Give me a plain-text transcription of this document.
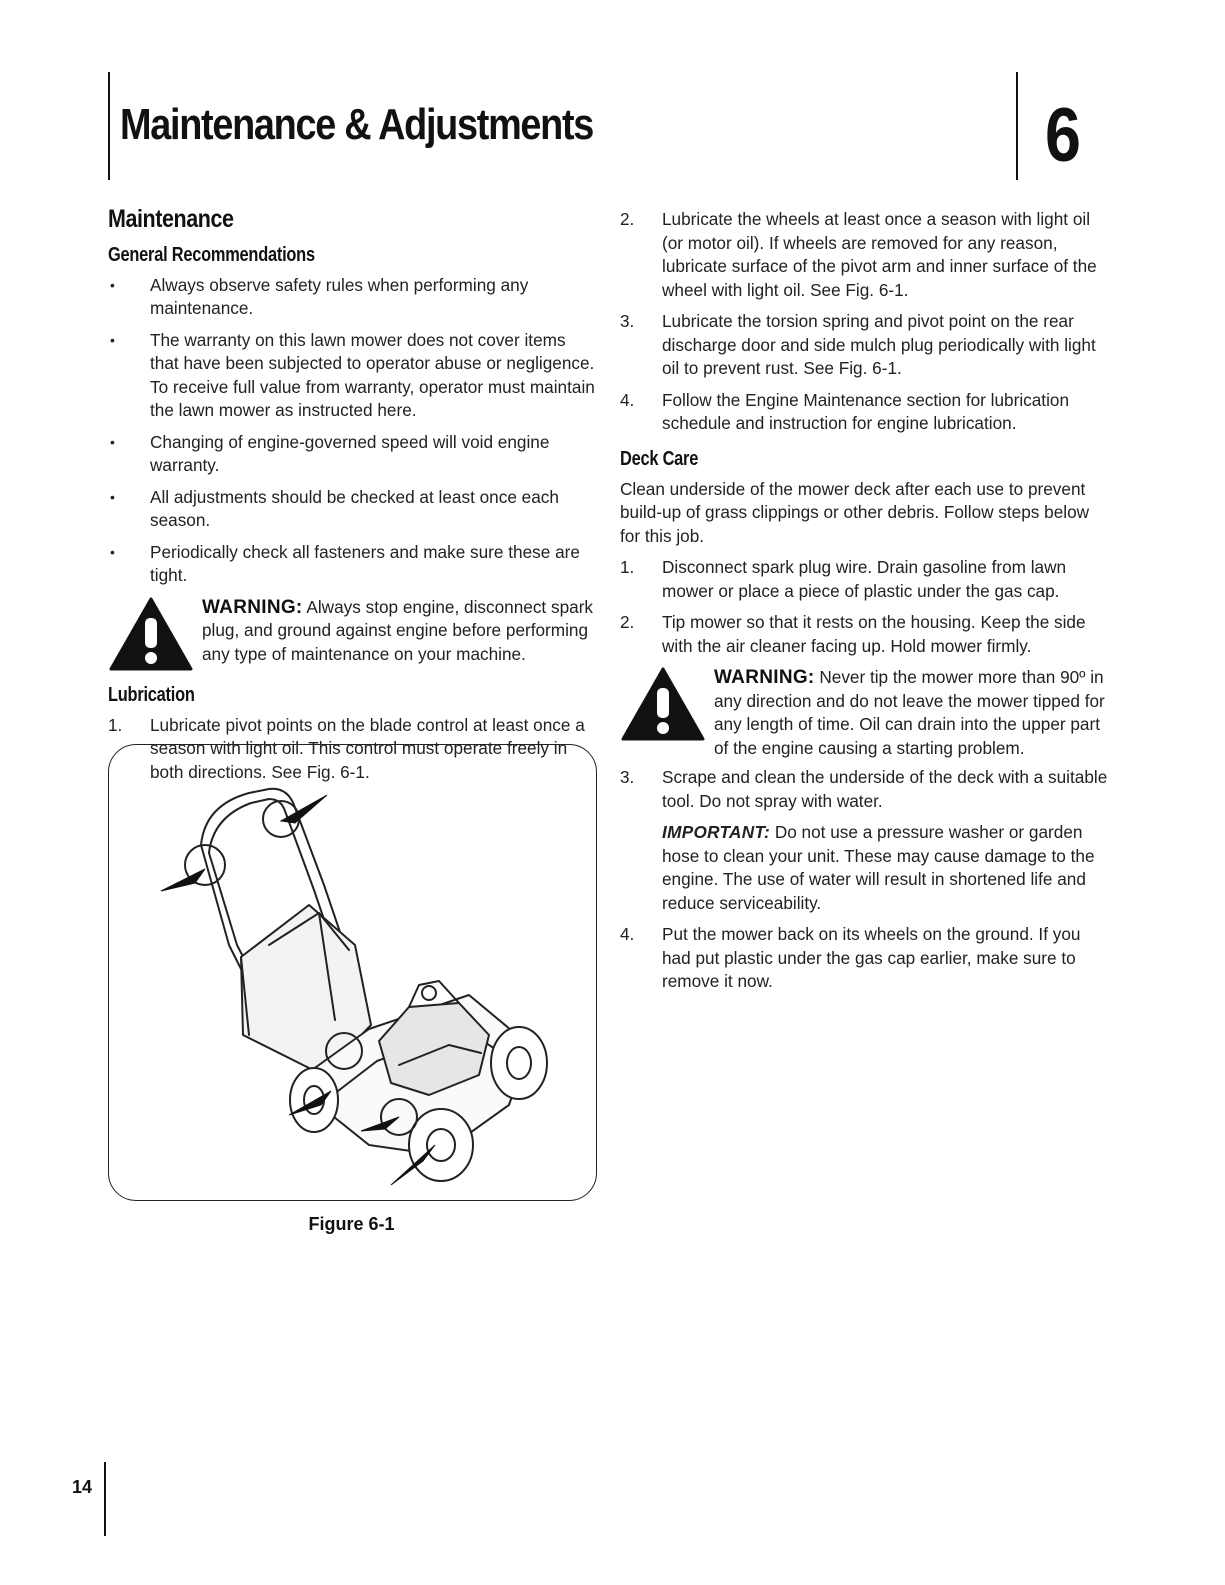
Maintenance & Adjustments	6
Maintenance
General Recommendations
•	Always observe safety rules when performing any maintenance.
•	The warranty on this lawn mower does not cover items that have been subjected to operator abuse or negligence. To receive full value from warranty, operator must maintain the lawn mower as instructed here.
•	Changing of engine-governed speed will void engine warranty.
•	All adjustments should be checked at least once each season.
•	Periodically check all fasteners and make sure these are tight.
WARNING: Always stop engine, disconnect spark plug, and ground against engine before performing any type of maintenance on your machine.
Lubrication
1.	Lubricate pivot points on the blade control at least once a season with light oil. This control must operate freely in both directions. See Fig. 6-1.
Figure 6-1
2.	Lubricate the wheels at least once a season with light oil (or motor oil). If wheels are removed for any reason, lubricate surface of the pivot arm and inner surface of the wheel with light oil. See Fig. 6-1.
3.	Lubricate the torsion spring and pivot point on the rear discharge door and side mulch plug periodically with light oil to prevent rust. See Fig. 6-1.
4.	Follow the Engine Maintenance section for lubrication schedule and instruction for engine lubrication.
Deck Care

Clean underside of the mower deck after each use to prevent build-up of grass clippings or other debris. Follow steps below for this job.

1.	Disconnect spark plug wire. Drain gasoline from lawn mower or place a piece of plastic under the gas cap.
2.	Tip mower so that it rests on the housing. Keep the side with the air cleaner facing up. Hold mower firmly.
WARNING: Never tip the mower more than 90º in any direction and do not leave the mower tipped for any length of time. Oil can drain into the upper part of the engine causing a starting problem.
3.	Scrape and clean the underside of the deck with a suitable tool. Do not spray with water.
IMPORTANT: Do not use a pressure washer or garden hose to clean your unit. These may cause damage to the engine. The use of water will result in shortened life and reduce serviceability.
4.	Put the mower back on its wheels on the ground. If you had put plastic under the gas cap earlier, make sure to remove it now.
14
